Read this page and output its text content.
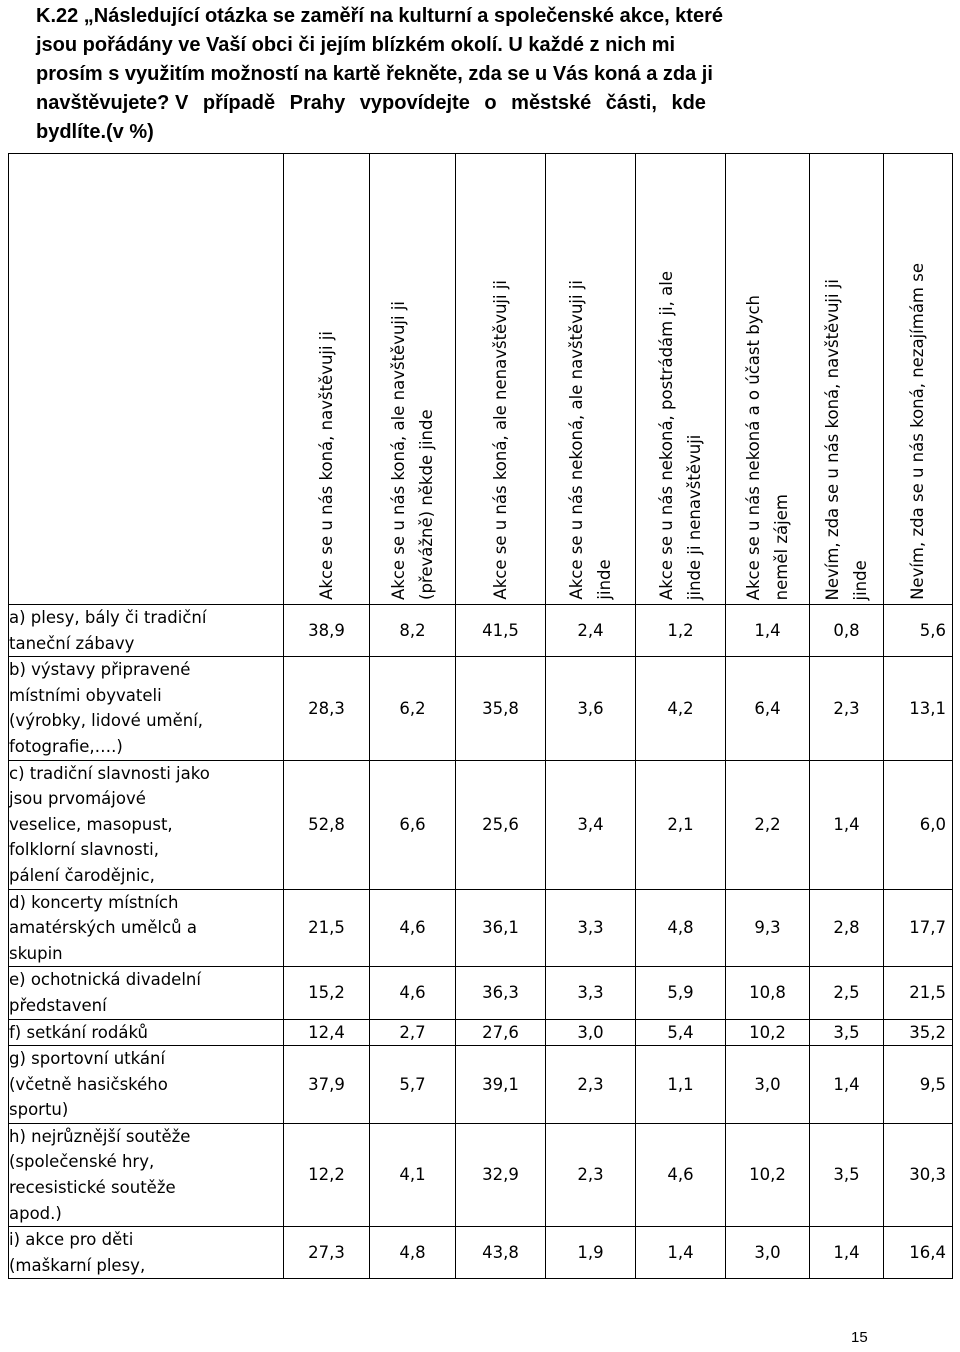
K.22 „Následující otázka se zaměří na kulturní a společenské akce, které
jsou pořádány ve Vaší obci či jejím blízkém okolí. U každé z nich mi
prosím s využitím možností na kartě řekněte, zda se u Vás koná a zda ji
navštěvujete? V případě Prahy vypovídejte o městské části, kde
bydlíte.(v %)

	Akce se u nás koná, navštěvuji ji	Akce se u nás koná, ale navštěvuji ji (převážně) někde jinde	Akce se u nás koná, ale nenavštěvuji ji	Akce se u nás nekoná, ale navštěvuji ji jinde	Akce se u nás nekoná, postrádám ji, ale jinde ji nenavštěvuji	Akce se u nás nekoná a o účast bych neměl zájem	Nevím, zda se u nás koná, navštěvuji ji jinde	Nevím, zda se u nás koná, nezajímám se

a) plesy, bály či tradiční
taneční zábavy	38,9	8,2	41,5	2,4	1,2	1,4	0,8	5,6

b) výstavy připravené
místními obyvateli
(výrobky, lidové umění,
fotografie,….)	28,3	6,2	35,8	3,6	4,2	6,4	2,3	13,1

c) tradiční slavnosti jako
jsou prvomájové
veselice, masopust,
folklorní slavnosti,
pálení čarodějnic,	52,8	6,6	25,6	3,4	2,1	2,2	1,4	6,0

d) koncerty místních
amatérských umělců a
skupin	21,5	4,6	36,1	3,3	4,8	9,3	2,8	17,7

e) ochotnická divadelní
představení	15,2	4,6	36,3	3,3	5,9	10,8	2,5	21,5

f) setkání rodáků	12,4	2,7	27,6	3,0	5,4	10,2	3,5	35,2

g) sportovní utkání
(včetně hasičského
sportu)	37,9	5,7	39,1	2,3	1,1	3,0	1,4	9,5

h) nejrůznější soutěže
(společenské hry,
recesistické soutěže
apod.)	12,2	4,1	32,9	2,3	4,6	10,2	3,5	30,3

i) akce pro děti
(maškarní plesy,	27,3	4,8	43,8	1,9	1,4	3,0	1,4	16,4
15
